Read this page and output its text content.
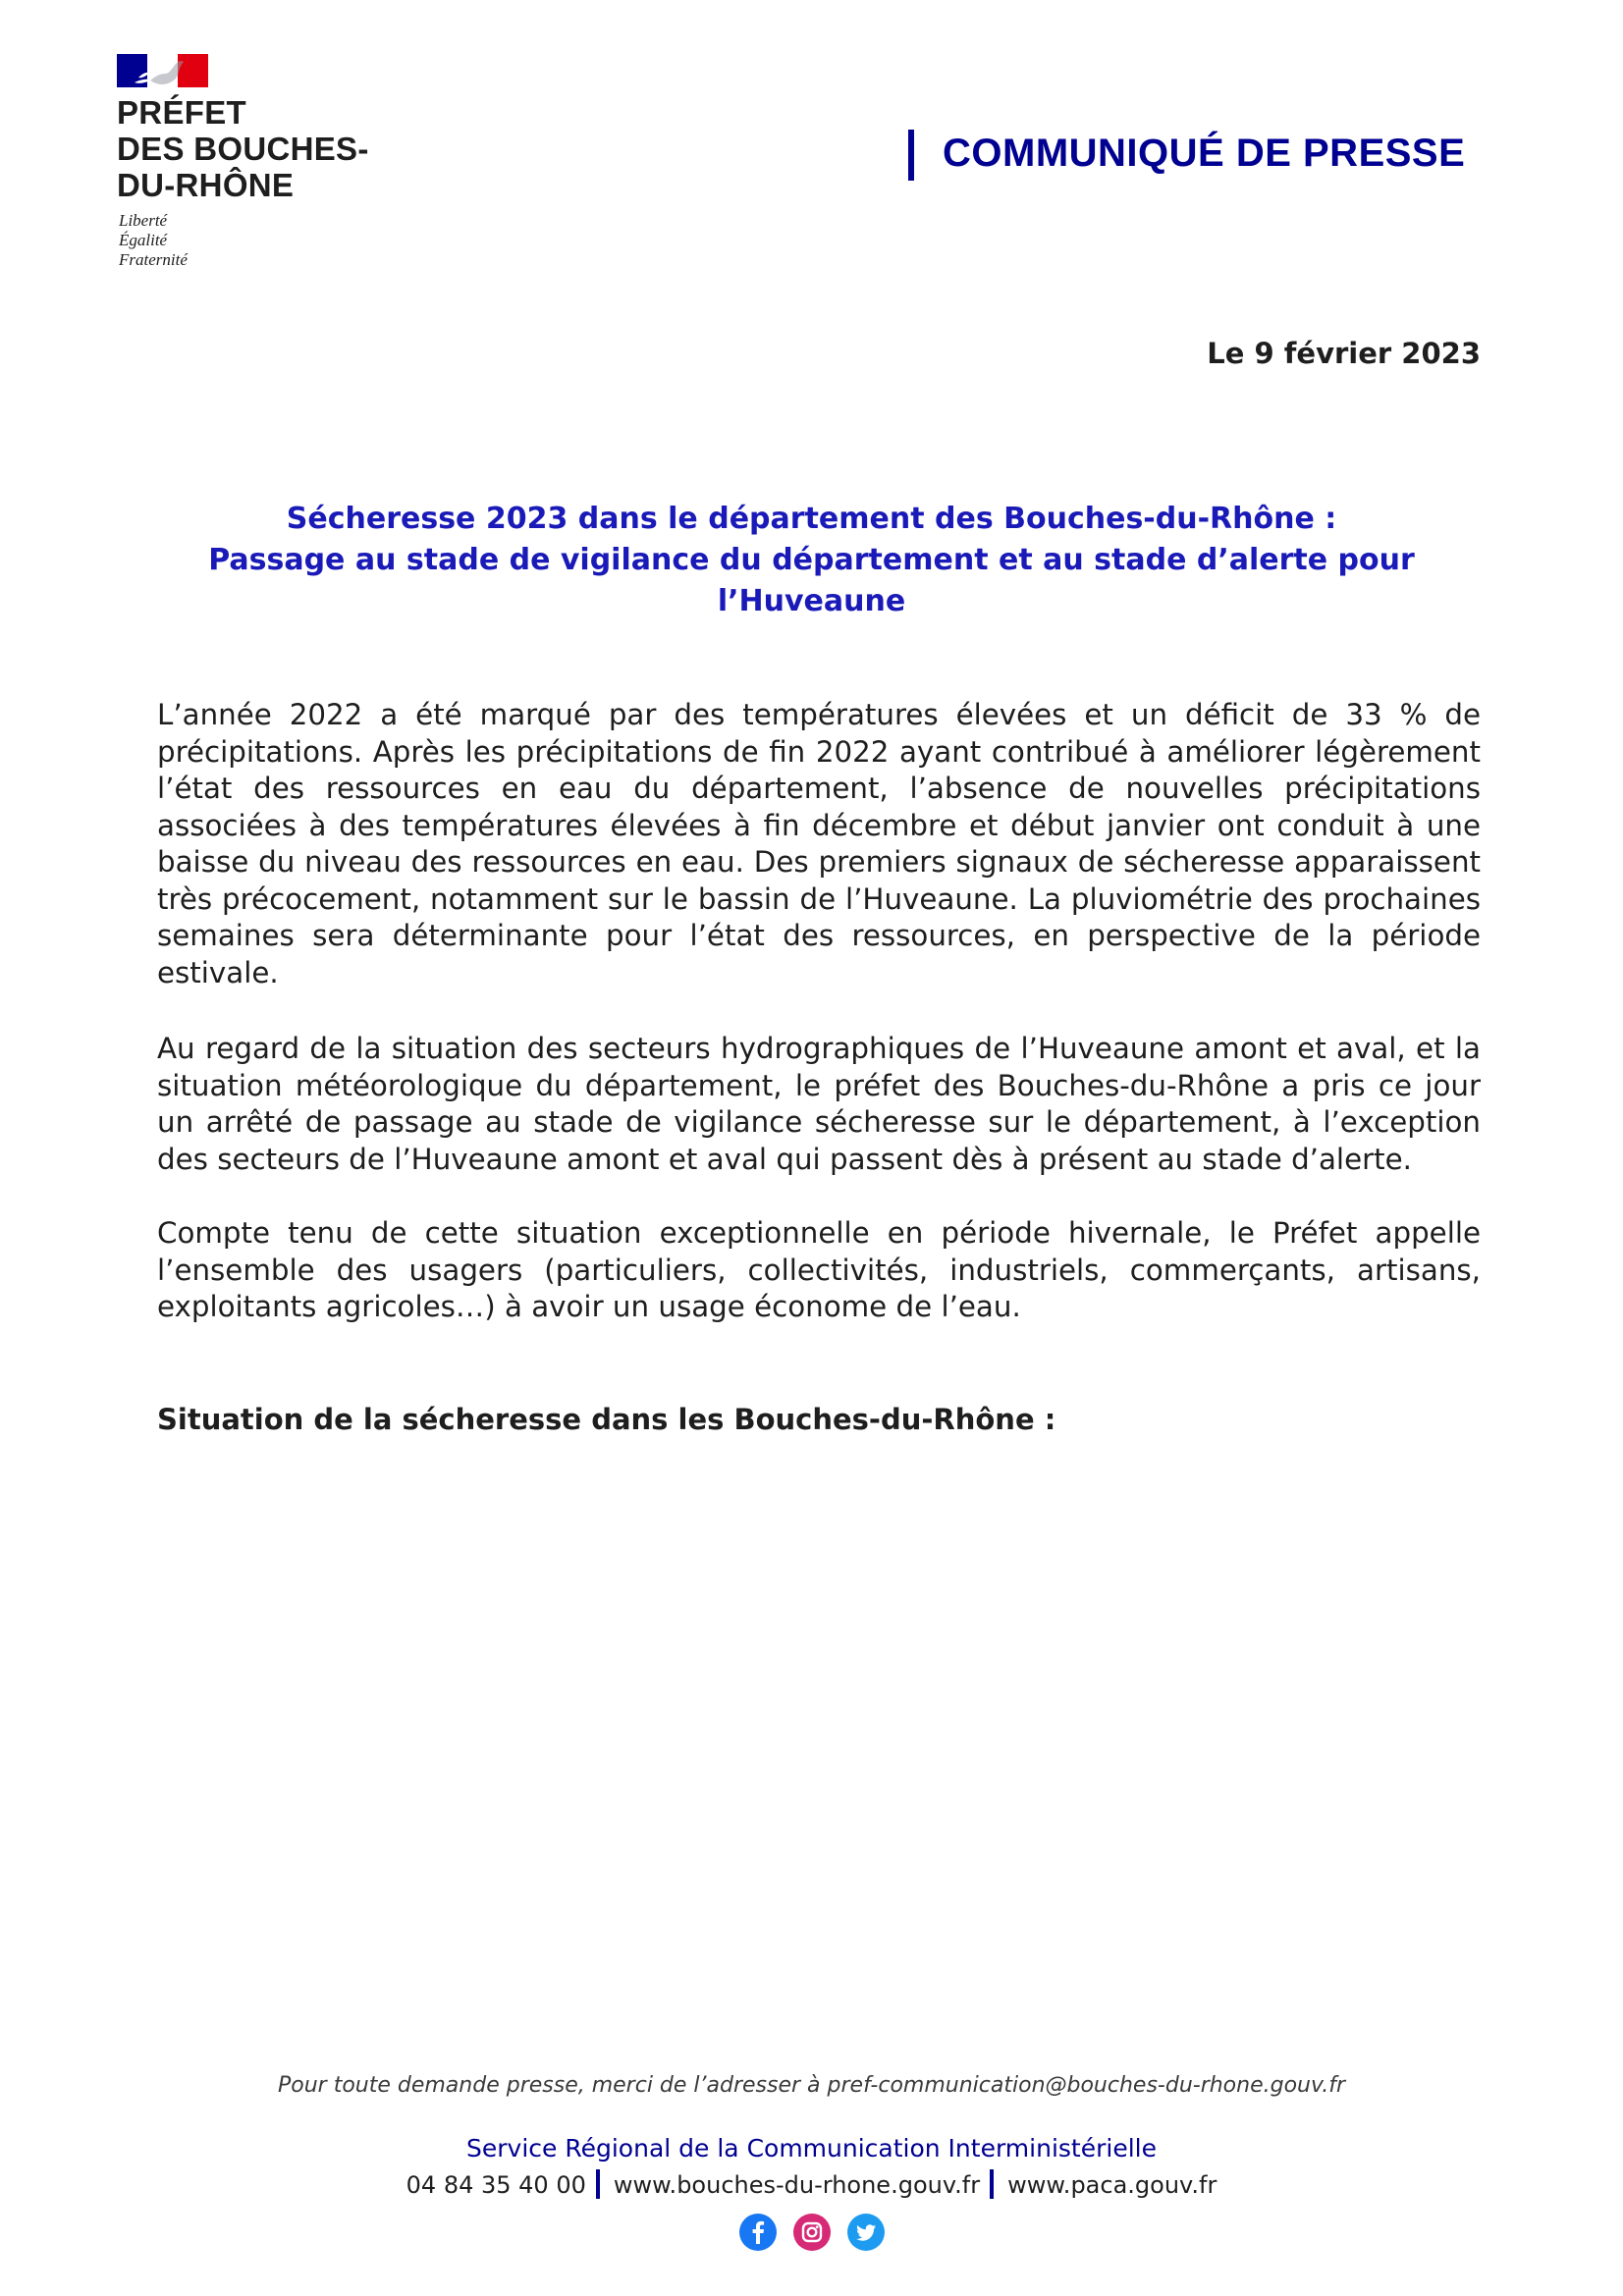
PRÉFET
DES BOUCHES-
DU-RHÔNE
Liberté
Égalité
Fraternité
COMMUNIQUÉ DE PRESSE
Le 9 février 2023
Sécheresse 2023 dans le département des Bouches-du-Rhône :
Passage au stade de vigilance du département et au stade d’alerte pour
l’Huveaune
L’année 2022 a été marqué par des températures élevées et un déficit de 33 % de précipitations. Après les précipitations de fin 2022 ayant contribué à améliorer légèrement l’état des ressources en eau du département, l’absence de nouvelles précipitations associées à des températures élevées à fin décembre et début janvier ont conduit à une baisse du niveau des ressources en eau. Des premiers signaux de sécheresse apparaissent très précocement, notamment sur le bassin de l’Huveaune. La pluviométrie des prochaines semaines sera déterminante pour l’état des ressources, en perspective de la période estivale.
Au regard de la situation des secteurs hydrographiques de l’Huveaune amont et aval, et la situation météorologique du département, le préfet des Bouches-du-Rhône a pris ce jour un arrêté de passage au stade de vigilance sécheresse sur le département, à l’exception des secteurs de l’Huveaune amont et aval qui passent dès à présent au stade d’alerte.
Compte tenu de cette situation exceptionnelle en période hivernale, le Préfet appelle l’ensemble des usagers (particuliers, collectivités, industriels, commerçants, artisans, exploitants agricoles…) à avoir un usage économe de l’eau.
Situation de la sécheresse dans les Bouches-du-Rhône :
Pour toute demande presse, merci de l’adresser à pref-communication@bouches-du-rhone.gouv.fr
Service Régional de la Communication Interministérielle
04 84 35 40 00 www.bouches-du-rhone.gouv.fr www.paca.gouv.fr
